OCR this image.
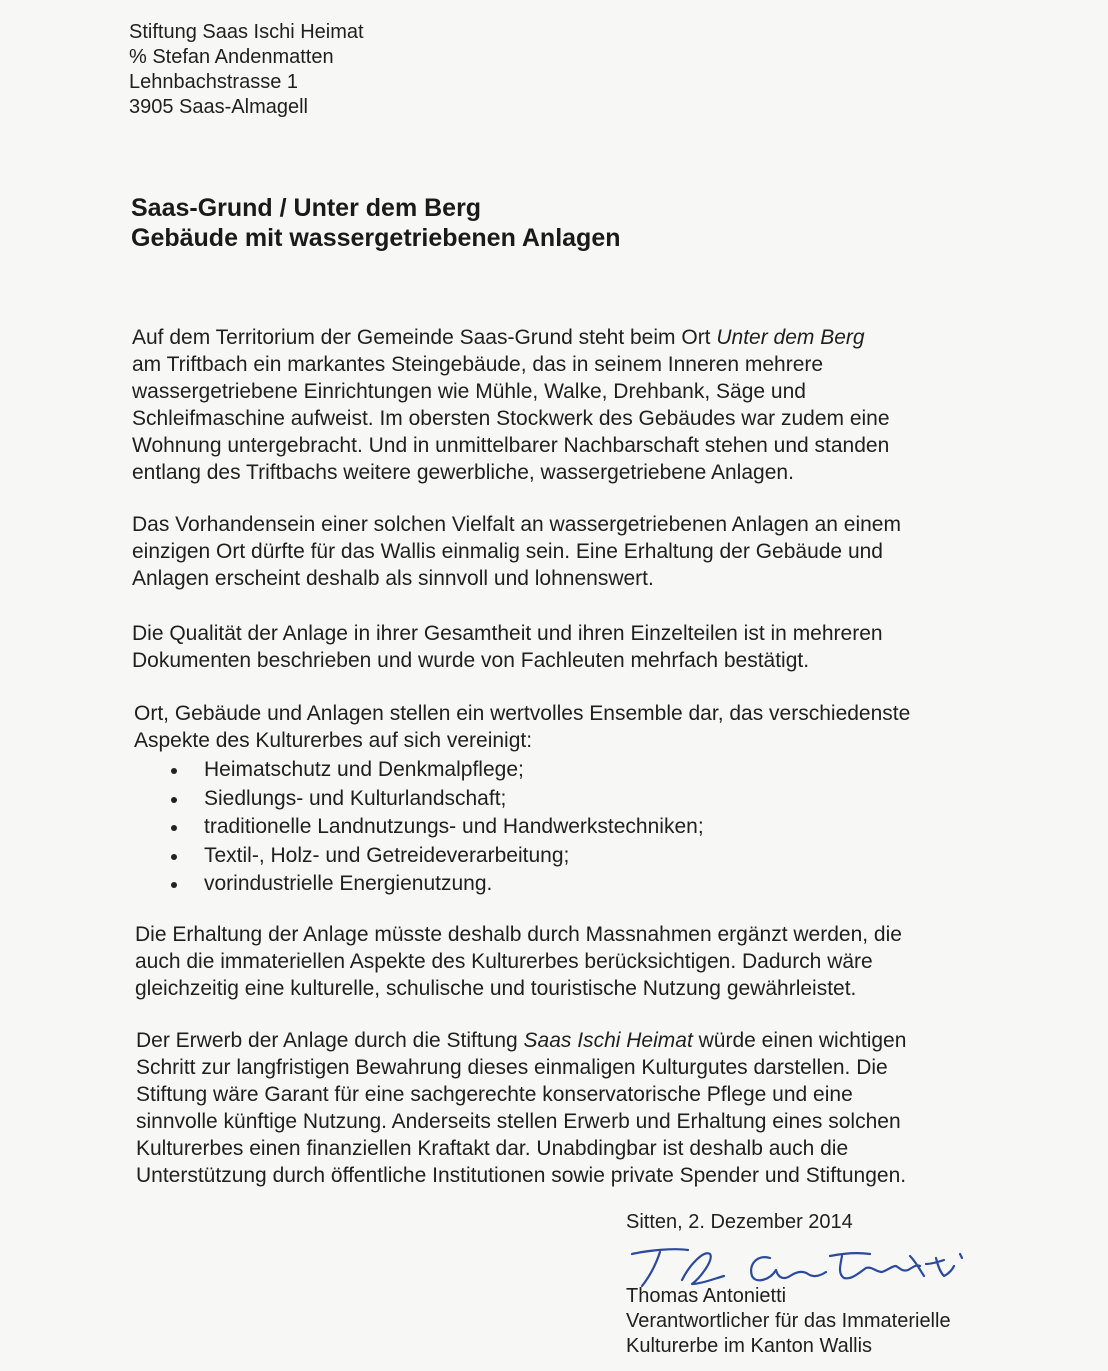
Stiftung Saas Ischi Heimat
% Stefan Andenmatten
Lehnbachstrasse 1
3905 Saas-Almagell
Saas-Grund / Unter dem Berg
Gebäude mit wassergetriebenen Anlagen
Auf dem Territorium der Gemeinde Saas-Grund steht beim Ort Unter dem Berg
am Triftbach ein markantes Steingebäude, das in seinem Inneren mehrere
wassergetriebene Einrichtungen wie Mühle, Walke, Drehbank, Säge und
Schleifmaschine aufweist. Im obersten Stockwerk des Gebäudes war zudem eine
Wohnung untergebracht. Und in unmittelbarer Nachbarschaft stehen und standen
entlang des Triftbachs weitere gewerbliche, wassergetriebene Anlagen.
Das Vorhandensein einer solchen Vielfalt an wassergetriebenen Anlagen an einem
einzigen Ort dürfte für das Wallis einmalig sein. Eine Erhaltung der Gebäude und
Anlagen erscheint deshalb als sinnvoll und lohnenswert.
Die Qualität der Anlage in ihrer Gesamtheit und ihren Einzelteilen ist in mehreren
Dokumenten beschrieben und wurde von Fachleuten mehrfach bestätigt.
Ort, Gebäude und Anlagen stellen ein wertvolles Ensemble dar, das verschiedenste
Aspekte des Kulturerbes auf sich vereinigt:
Heimatschutz und Denkmalpflege;
Siedlungs- und Kulturlandschaft;
traditionelle Landnutzungs- und Handwerkstechniken;
Textil-, Holz- und Getreideverarbeitung;
vorindustrielle Energienutzung.
Die Erhaltung der Anlage müsste deshalb durch Massnahmen ergänzt werden, die
auch die immateriellen Aspekte des Kulturerbes berücksichtigen. Dadurch wäre
gleichzeitig eine kulturelle, schulische und touristische Nutzung gewährleistet.
Der Erwerb der Anlage durch die Stiftung Saas Ischi Heimat würde einen wichtigen
Schritt zur langfristigen Bewahrung dieses einmaligen Kulturgutes darstellen. Die
Stiftung wäre Garant für eine sachgerechte konservatorische Pflege und eine
sinnvolle künftige Nutzung. Anderseits stellen Erwerb und Erhaltung eines solchen
Kulturerbes einen finanziellen Kraftakt dar. Unabdingbar ist deshalb auch die
Unterstützung durch öffentliche Institutionen sowie private Spender und Stiftungen.
Sitten, 2. Dezember 2014
Thomas Antonietti
Verantwortlicher für das Immaterielle
Kulturerbe im Kanton Wallis
